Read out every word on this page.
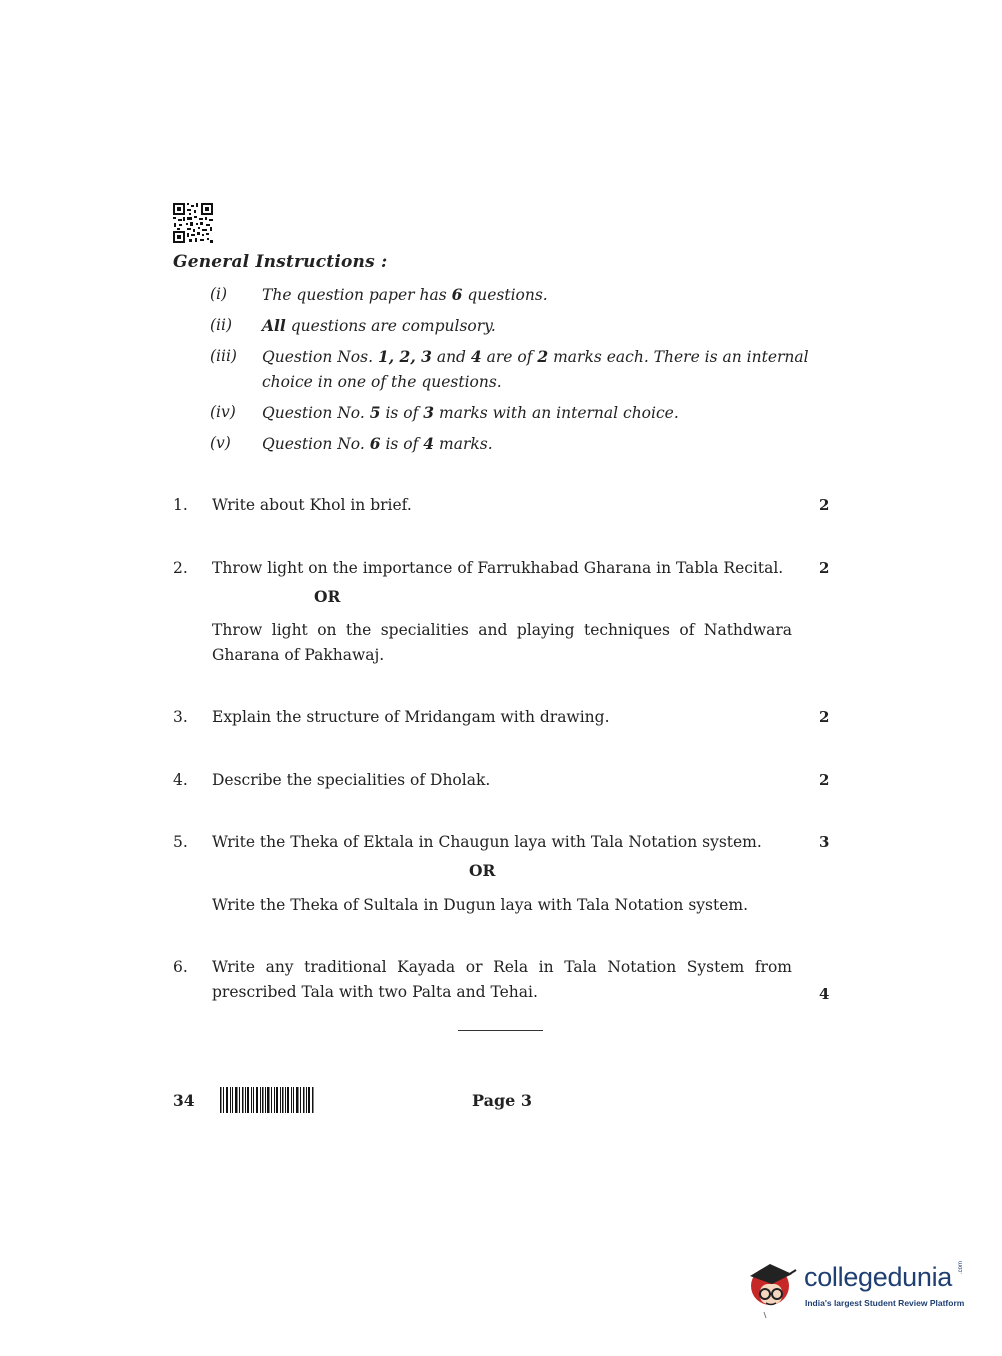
General Instructions :
(i)	The question paper has 6 questions.
(ii)	All questions are compulsory.
(iii)	Question Nos. 1, 2, 3 and 4 are of 2 marks each. There is an internal choice in one of the questions.
(iv)	Question No. 5 is of 3 marks with an internal choice.
(v)	Question No. 6 is of 4 marks.
1. Write about Khol in brief.	2
2. Throw light on the importance of Farrukhabad Gharana in Tabla Recital.	2
OR
Throw light on the specialities and playing techniques of Nathdwara Gharana of Pakhawaj.
3. Explain the structure of Mridangam with drawing.	2
4. Describe the specialities of Dholak.	2
5. Write the Theka of Ektala in Chaugun laya with Tala Notation system.	3
OR
Write the Theka of Sultala in Dugun laya with Tala Notation system.
6. Write any traditional Kayada or Rela in Tala Notation System from prescribed Tala with two Palta and Tehai.	4
34	Page 3
collegedunia .com
India's largest Student Review Platform
